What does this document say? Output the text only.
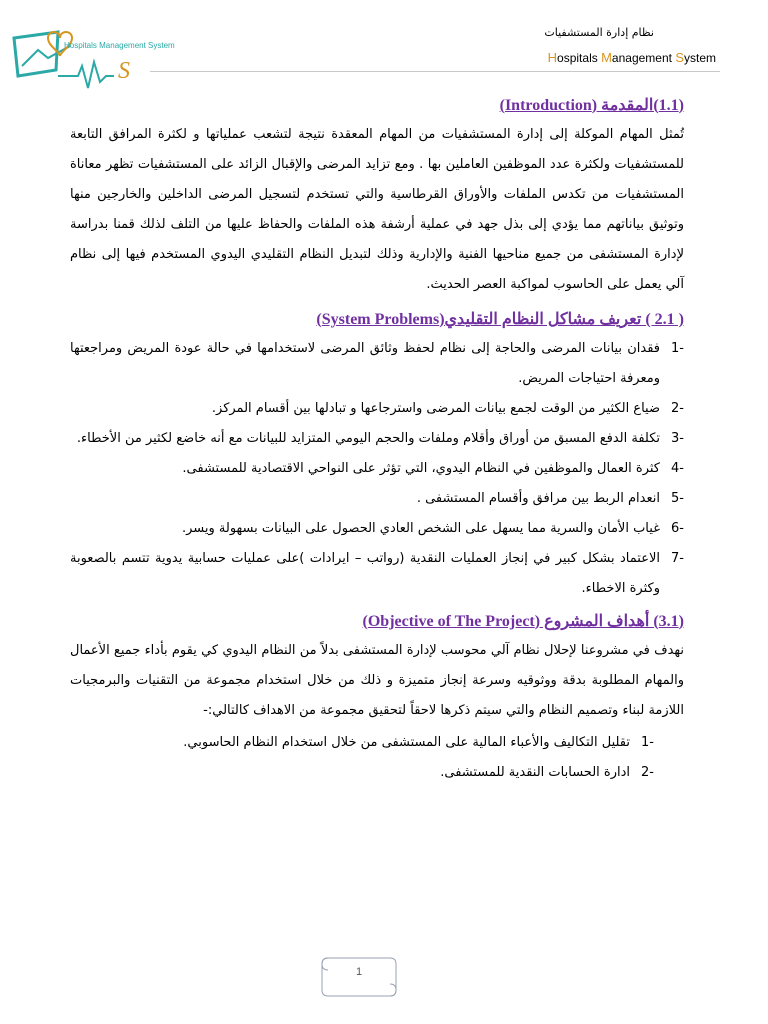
Hospitals Management System
S
نظام إدارة المستشفيات
Hospitals Management System
(1.1)المقدمة (Introduction)

تُمثل المهام الموكلة إلى إدارة المستشفيات من المهام المعقدة نتيجة لتشعب عملياتها و لكثرة المرافق التابعة للمستشفيات ولكثرة عدد الموظفين العاملين بها . ومع تزايد المرضى والإقبال الزائد على المستشفيات تظهر معاناة المستشفيات من تكدس الملفات والأوراق القرطاسية والتي تستخدم لتسجيل المرضى الداخلين والخارجين منها وتوثيق بياناتهم مما يؤدي إلى بذل جهد في عملية أرشفة هذه الملفات والحفاظ عليها من التلف لذلك قمنا بدراسة لإدارة المستشفى من جميع مناحيها الفنية والإدارية وذلك لتبديل النظام التقليدي اليدوي المستخدم فيها إلى نظام آلي يعمل على الحاسوب لمواكبة العصر الحديث.

( 2.1 ) تعريف مشاكل النظام التقليدي(System Problems)
-1
فقدان بيانات المرضى والحاجة إلى نظام لحفظ وثائق المرضى لاستخدامها في حالة عودة المريض ومراجعتها ومعرفة احتياجات المريض.
-2
ضياع الكثير من الوقت لجمع بيانات المرضى واسترجاعها و تبادلها بين أقسام المركز.
-3
تكلفة الدفع المسبق من أوراق وأقلام وملفات والحجم اليومي المتزايد للبيانات مع أنه خاضع لكثير من الأخطاء.
-4
كثرة العمال والموظفين في النظام اليدوي، التي تؤثر على النواحي الاقتصادية للمستشفى.
-5
انعدام الربط بين مرافق وأقسام المستشفى .
-6
غياب الأمان والسرية مما يسهل على الشخص العادي الحصول على البيانات بسهولة ويسر.
-7
الاعتماد بشكل كبير في إنجاز العمليات النقدية (رواتب – ايرادات )على عمليات حسابية يدوية تتسم بالصعوبة وكثرة الاخطاء.
(3.1) أهداف المشروع (Objective of The Project)

نهدف في مشروعنا لإحلال نظام آلي محوسب لإدارة المستشفى بدلاً من النظام اليدوي كي يقوم بأداء جميع الأعمال والمهام المطلوبة بدقة ووثوقيه وسرعة إنجاز متميزة و ذلك من خلال استخدام مجموعة من التقنيات والبرمجيات اللازمة لبناء وتصميم النظام والتي سيتم ذكرها لاحقاً لتحقيق مجموعة من الاهداف كالتالي:-

-1
تقليل التكاليف والأعباء المالية على المستشفى من خلال استخدام النظام الحاسوبي.
-2
ادارة الحسابات النقدية للمستشفى.
1
